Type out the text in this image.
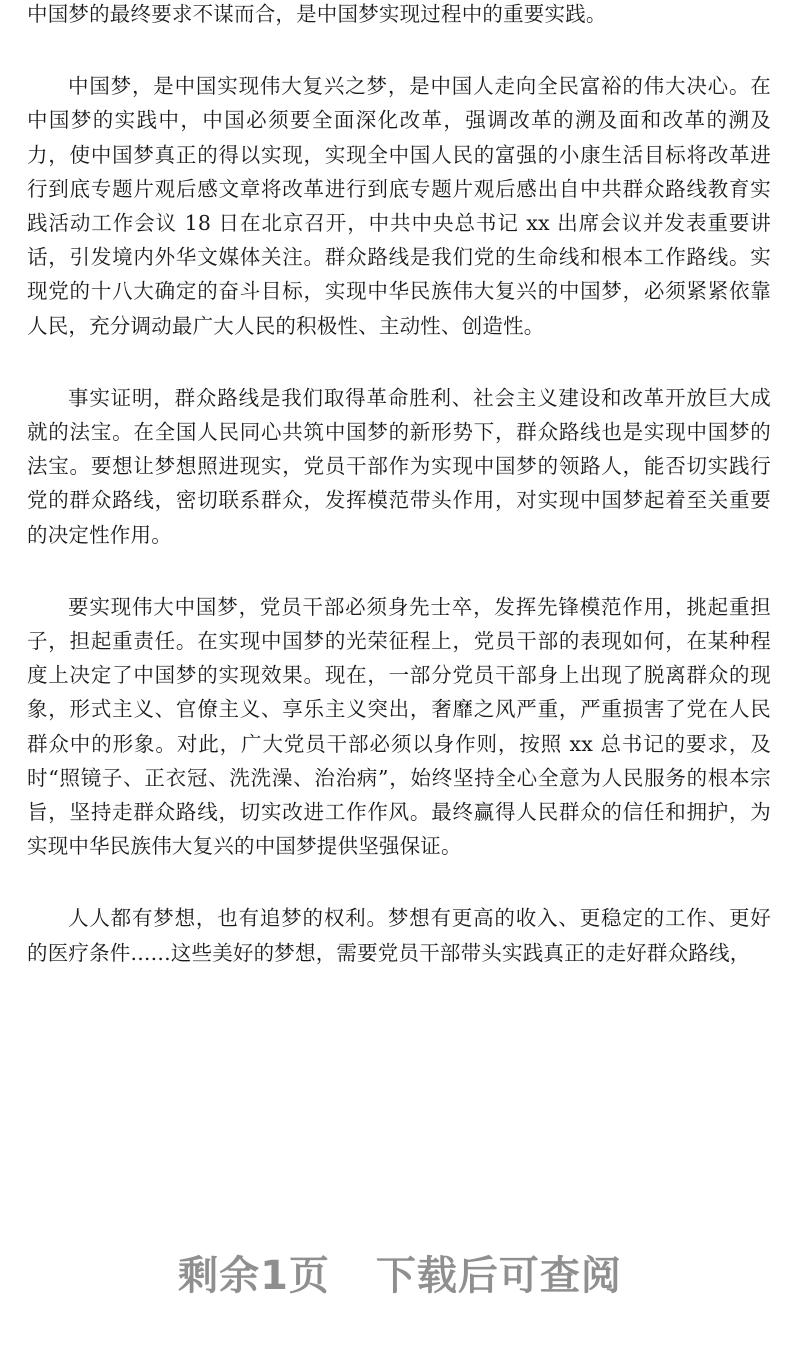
中国梦的最终要求不谋而合，是中国梦实现过程中的重要实践。

中国梦，是中国实现伟大复兴之梦，是中国人走向全民富裕的伟大决心。在中国梦的实践中，中国必须要全面深化改革，强调改革的溯及面和改革的溯及力，使中国梦真正的得以实现，实现全中国人民的富强的小康生活目标将改革进行到底专题片观后感文章将改革进行到底专题片观后感出自中共群众路线教育实践活动工作会议 18 日在北京召开，中共中央总书记 xx 出席会议并发表重要讲话，引发境内外华文媒体关注。群众路线是我们党的生命线和根本工作路线。实现党的十八大确定的奋斗目标，实现中华民族伟大复兴的中国梦，必须紧紧依靠人民，充分调动最广大人民的积极性、主动性、创造性。

事实证明，群众路线是我们取得革命胜利、社会主义建设和改革开放巨大成就的法宝。在全国人民同心共筑中国梦的新形势下，群众路线也是实现中国梦的法宝。要想让梦想照进现实，党员干部作为实现中国梦的领路人，能否切实践行党的群众路线，密切联系群众，发挥模范带头作用，对实现中国梦起着至关重要的决定性作用。

要实现伟大中国梦，党员干部必须身先士卒，发挥先锋模范作用，挑起重担子，担起重责任。在实现中国梦的光荣征程上，党员干部的表现如何，在某种程度上决定了中国梦的实现效果。现在，一部分党员干部身上出现了脱离群众的现象，形式主义、官僚主义、享乐主义突出，奢靡之风严重，严重损害了党在人民群众中的形象。对此，广大党员干部必须以身作则，按照 xx 总书记的要求，及时“照镜子、正衣冠、洗洗澡、治治病”，始终坚持全心全意为人民服务的根本宗旨，坚持走群众路线，切实改进工作作风。最终赢得人民群众的信任和拥护，为实现中华民族伟大复兴的中国梦提供坚强保证。

人人都有梦想，也有追梦的权利。梦想有更高的收入、更稳定的工作、更好的医疗条件......这些美好的梦想，需要党员干部带头实践真正的走好群众路线，

剩余1页 下载后可查阅
